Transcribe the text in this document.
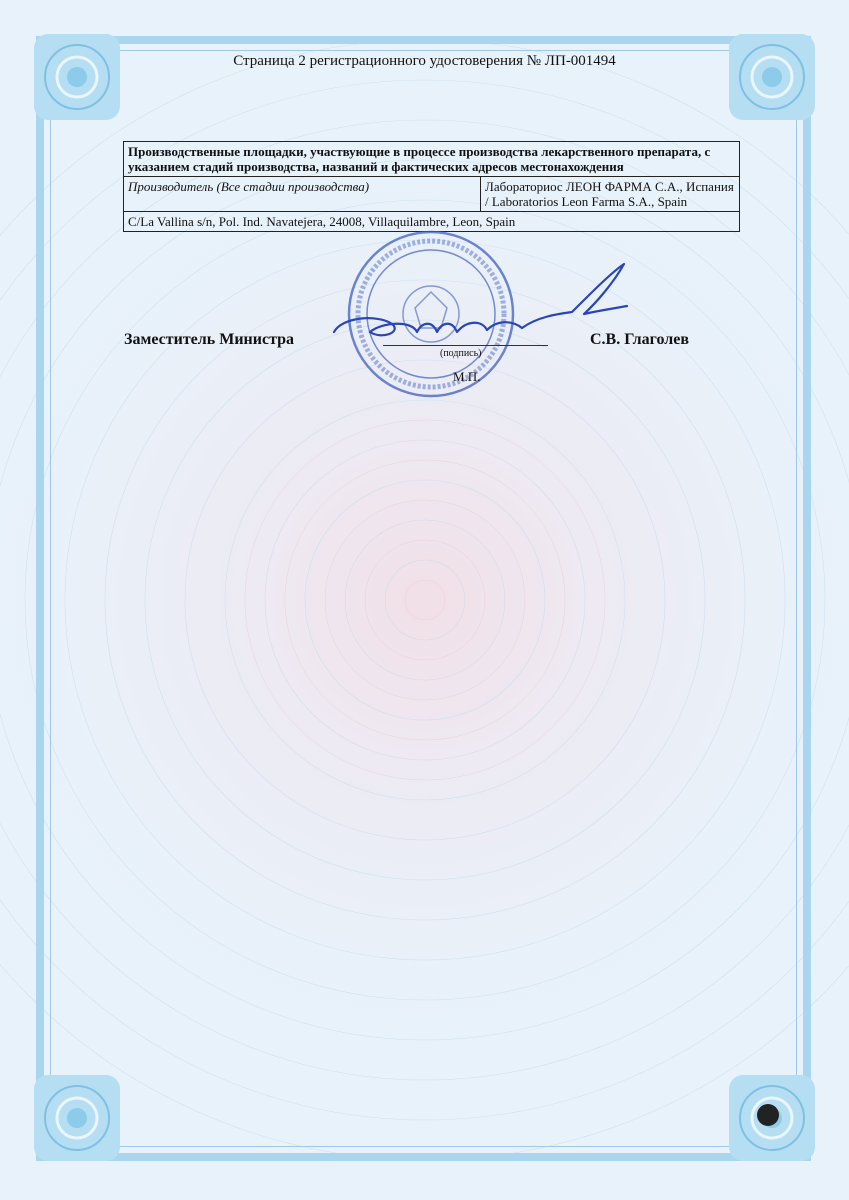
Страница 2 регистрационного удостоверения № ЛП-001494
Производственные площадки, участвующие в процессе производства лекарственного препарата, с указанием стадий производства, названий и фактических адресов местонахождения
Производитель (Все стадии производства)	Лабораториос ЛЕОН ФАРМА С.А., Испания / Laboratorios Leon Farma S.A., Spain
C/La Vallina s/n, Pol. Ind. Navatejera, 24008, Villaquilambre, Leon, Spain
Заместитель Министра
(подпись)
С.В. Глаголев
М.П.
